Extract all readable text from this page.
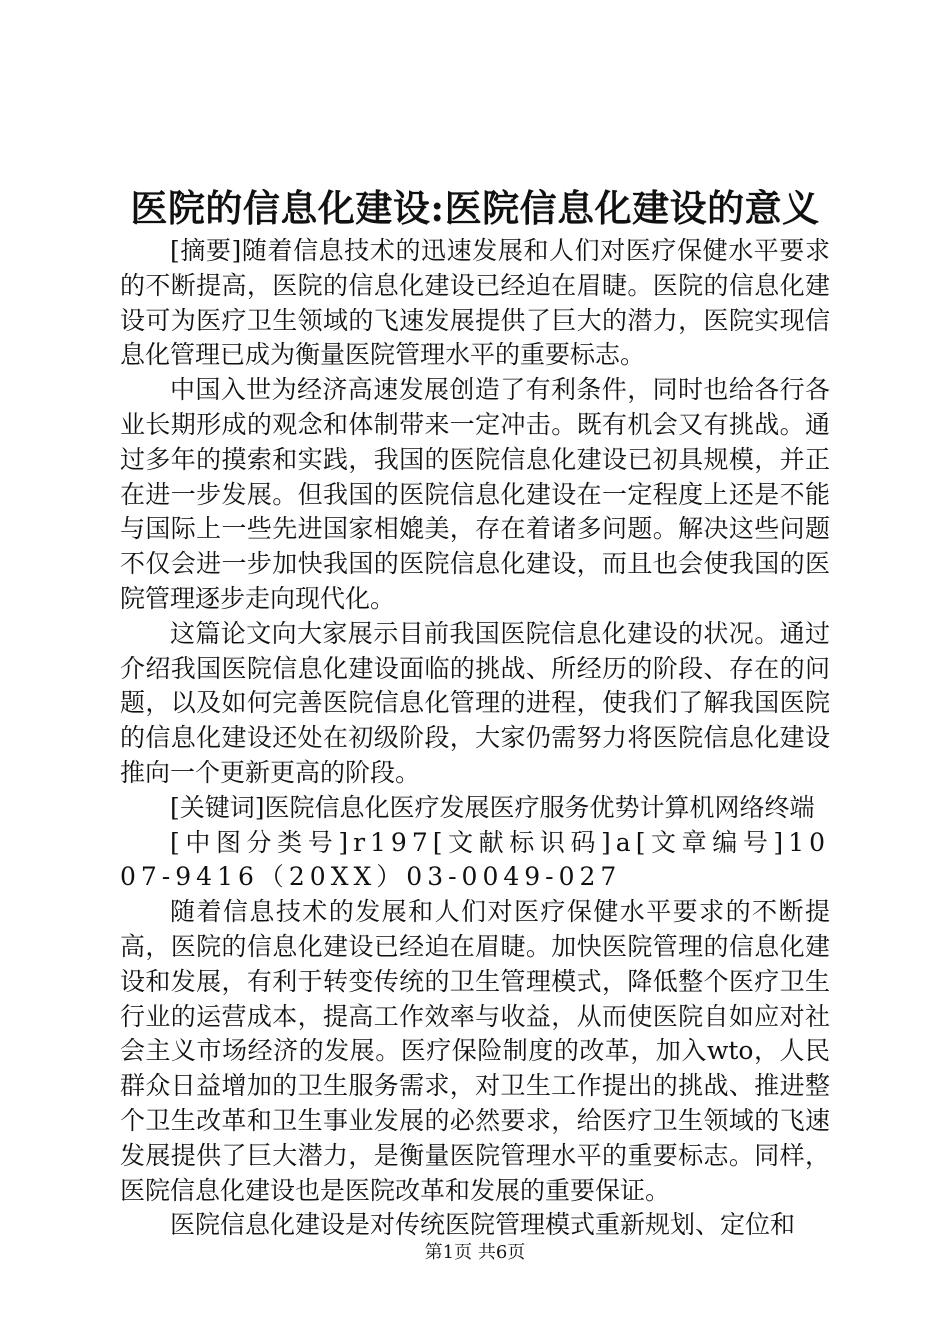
医院的信息化建设:医院信息化建设的意义

[摘要]随着信息技术的迅速发展和人们对医疗保健水平要求的不断提高，医院的信息化建设已经迫在眉睫。医院的信息化建设可为医疗卫生领域的飞速发展提供了巨大的潜力，医院实现信息化管理已成为衡量医院管理水平的重要标志。

中国入世为经济高速发展创造了有利条件，同时也给各行各业长期形成的观念和体制带来一定冲击。既有机会又有挑战。通过多年的摸索和实践，我国的医院信息化建设已初具规模，并正在进一步发展。但我国的医院信息化建设在一定程度上还是不能与国际上一些先进国家相媲美，存在着诸多问题。解决这些问题不仅会进一步加快我国的医院信息化建设，而且也会使我国的医院管理逐步走向现代化。

这篇论文向大家展示目前我国医院信息化建设的状况。通过介绍我国医院信息化建设面临的挑战、所经历的阶段、存在的问题，以及如何完善医院信息化管理的进程，使我们了解我国医院的信息化建设还处在初级阶段，大家仍需努力将医院信息化建设推向一个更新更高的阶段。

[关键词]医院信息化医疗发展医疗服务优势计算机网络终端

[中图分类号]r197[文献标识码]a[文章编号]1007-9416（20XX）03-0049-027

随着信息技术的发展和人们对医疗保健水平要求的不断提高，医院的信息化建设已经迫在眉睫。加快医院管理的信息化建设和发展，有利于转变传统的卫生管理模式，降低整个医疗卫生行业的运营成本，提高工作效率与收益，从而使医院自如应对社会主义市场经济的发展。医疗保险制度的改革，加入wto，人民群众日益增加的卫生服务需求，对卫生工作提出的挑战、推进整个卫生改革和卫生事业发展的必然要求，给医疗卫生领域的飞速发展提供了巨大潜力，是衡量医院管理水平的重要标志。同样，医院信息化建设也是医院改革和发展的重要保证。

医院信息化建设是对传统医院管理模式重新规划、定位和

第1页 共6页
